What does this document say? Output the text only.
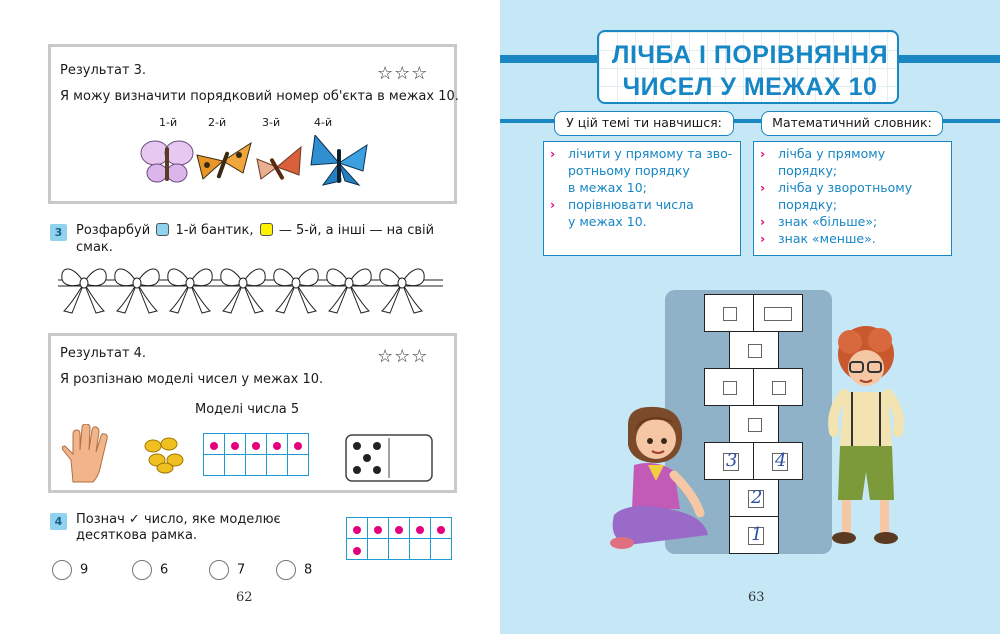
Результат 3.	☆☆☆
Я можу визначити порядковий номер об'єкта в межах 10.
1-й	2-й	3-й	4-й
3	Розфарбуй 1-й бантик, — 5-й, а інші — на свій
смак.
Результат 4.	☆☆☆
Я розпізнаю моделі чисел у межах 10.
Моделі числа 5

4	Познач ✓ число, яке моделює
десяткова рамка.

9	6	7	8
62
ЛІЧБА І ПОРІВНЯННЯ
ЧИСЕЛ У МЕЖАХ 10
У цій темі ти навчишся:	Математичний словник:
› лічити у прямому та зво-
ротньому порядку
в межах 10;
› порівнювати числа
у межах 10.
› лічба у прямому
порядку;
› лічба у зворотньому
порядку;
› знак «більше»;
› знак «менше».
3 4
2
1
63
